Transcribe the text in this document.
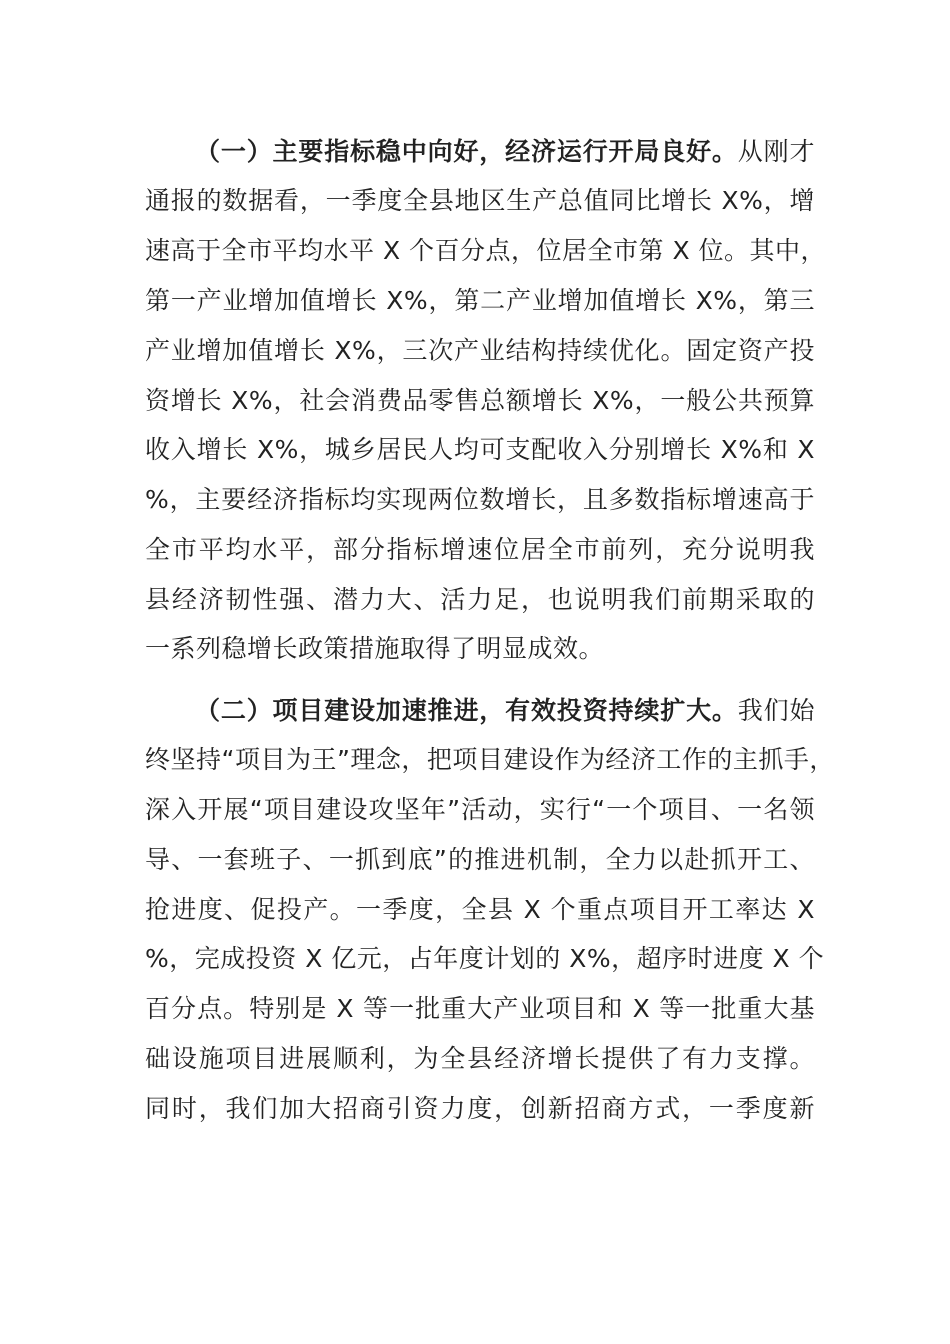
（一）主要指标稳中向好，经济运行开局良好。从刚才
通报的数据看，一季度全县地区生产总值同比增长 X%，增
速高于全市平均水平 X 个百分点，位居全市第 X 位。其中，
第一产业增加值增长 X%，第二产业增加值增长 X%，第三
产业增加值增长 X%，三次产业结构持续优化。固定资产投
资增长 X%，社会消费品零售总额增长 X%，一般公共预算
收入增长 X%，城乡居民人均可支配收入分别增长 X%和 X
%，主要经济指标均实现两位数增长，且多数指标增速高于
全市平均水平，部分指标增速位居全市前列，充分说明我
县经济韧性强、潜力大、活力足，也说明我们前期采取的
一系列稳增长政策措施取得了明显成效。
（二）项目建设加速推进，有效投资持续扩大。我们始
终坚持“项目为王”理念，把项目建设作为经济工作的主抓手，
深入开展“项目建设攻坚年”活动，实行“一个项目、一名领
导、一套班子、一抓到底”的推进机制，全力以赴抓开工、
抢进度、促投产。一季度，全县 X 个重点项目开工率达 X
%，完成投资 X 亿元，占年度计划的 X%，超序时进度 X 个
百分点。特别是 X 等一批重大产业项目和 X 等一批重大基
础设施项目进展顺利，为全县经济增长提供了有力支撑。
同时，我们加大招商引资力度，创新招商方式，一季度新
